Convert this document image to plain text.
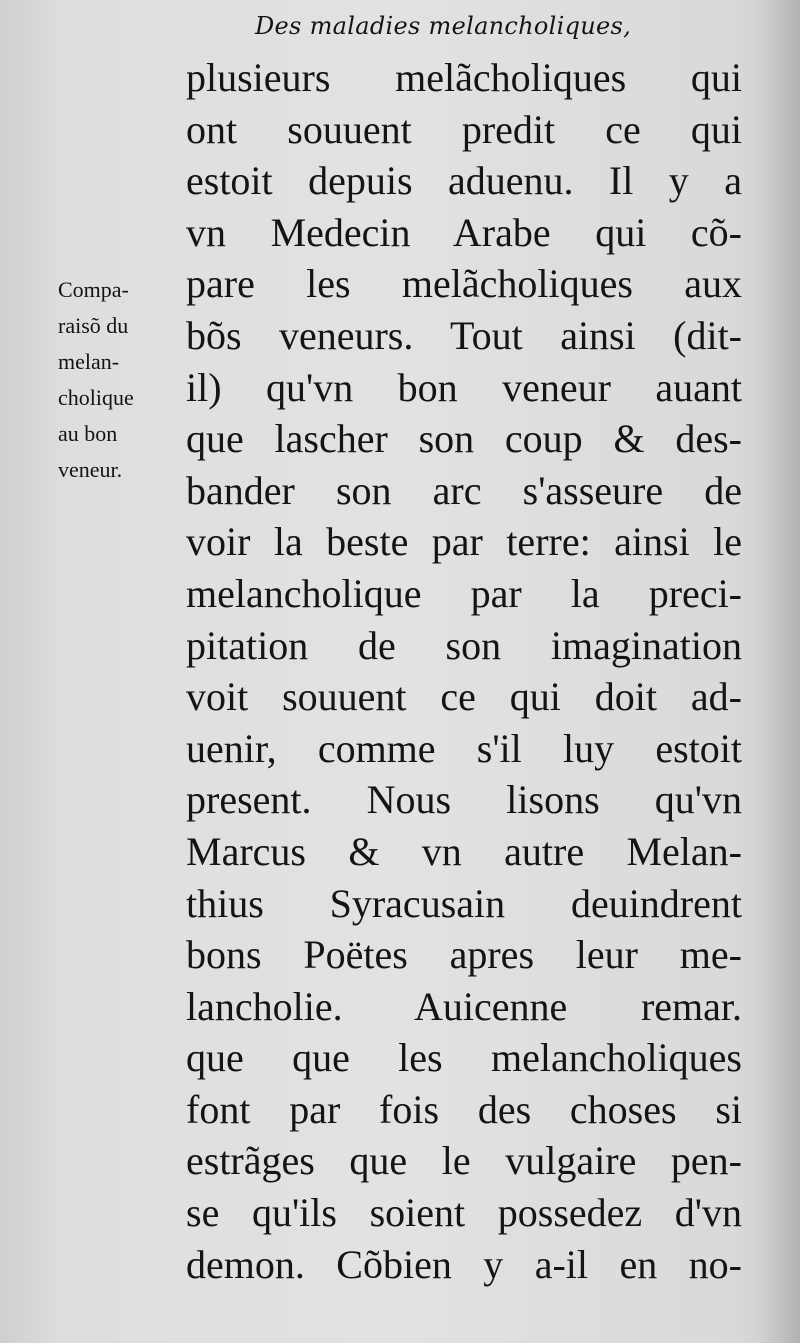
Des maladies melancholiques,
Compa-
raisõ du
melan-
cholique
au bon
veneur.
plusieurs melãcholiques qui
ont souuent predit ce qui
estoit depuis aduenu. Il y a
vn Medecin Arabe qui cõ-
pare les melãcholiques aux
bõs veneurs. Tout ainsi (dit-
il) qu'vn bon veneur auant
que lascher son coup & des-
bander son arc s'asseure de
voir la beste par terre: ainsi le
melancholique par la preci-
pitation de son imagination
voit souuent ce qui doit ad-
uenir, comme s'il luy estoit
present. Nous lisons qu'vn
Marcus & vn autre Melan-
thius Syracusain deuindrent
bons Poëtes apres leur me-
lancholie. Auicenne remar.
que que les melancholiques
font par fois des choses si
estrãges que le vulgaire pen-
se qu'ils soient possedez d'vn
demon. Cõbien y a-il en no-
